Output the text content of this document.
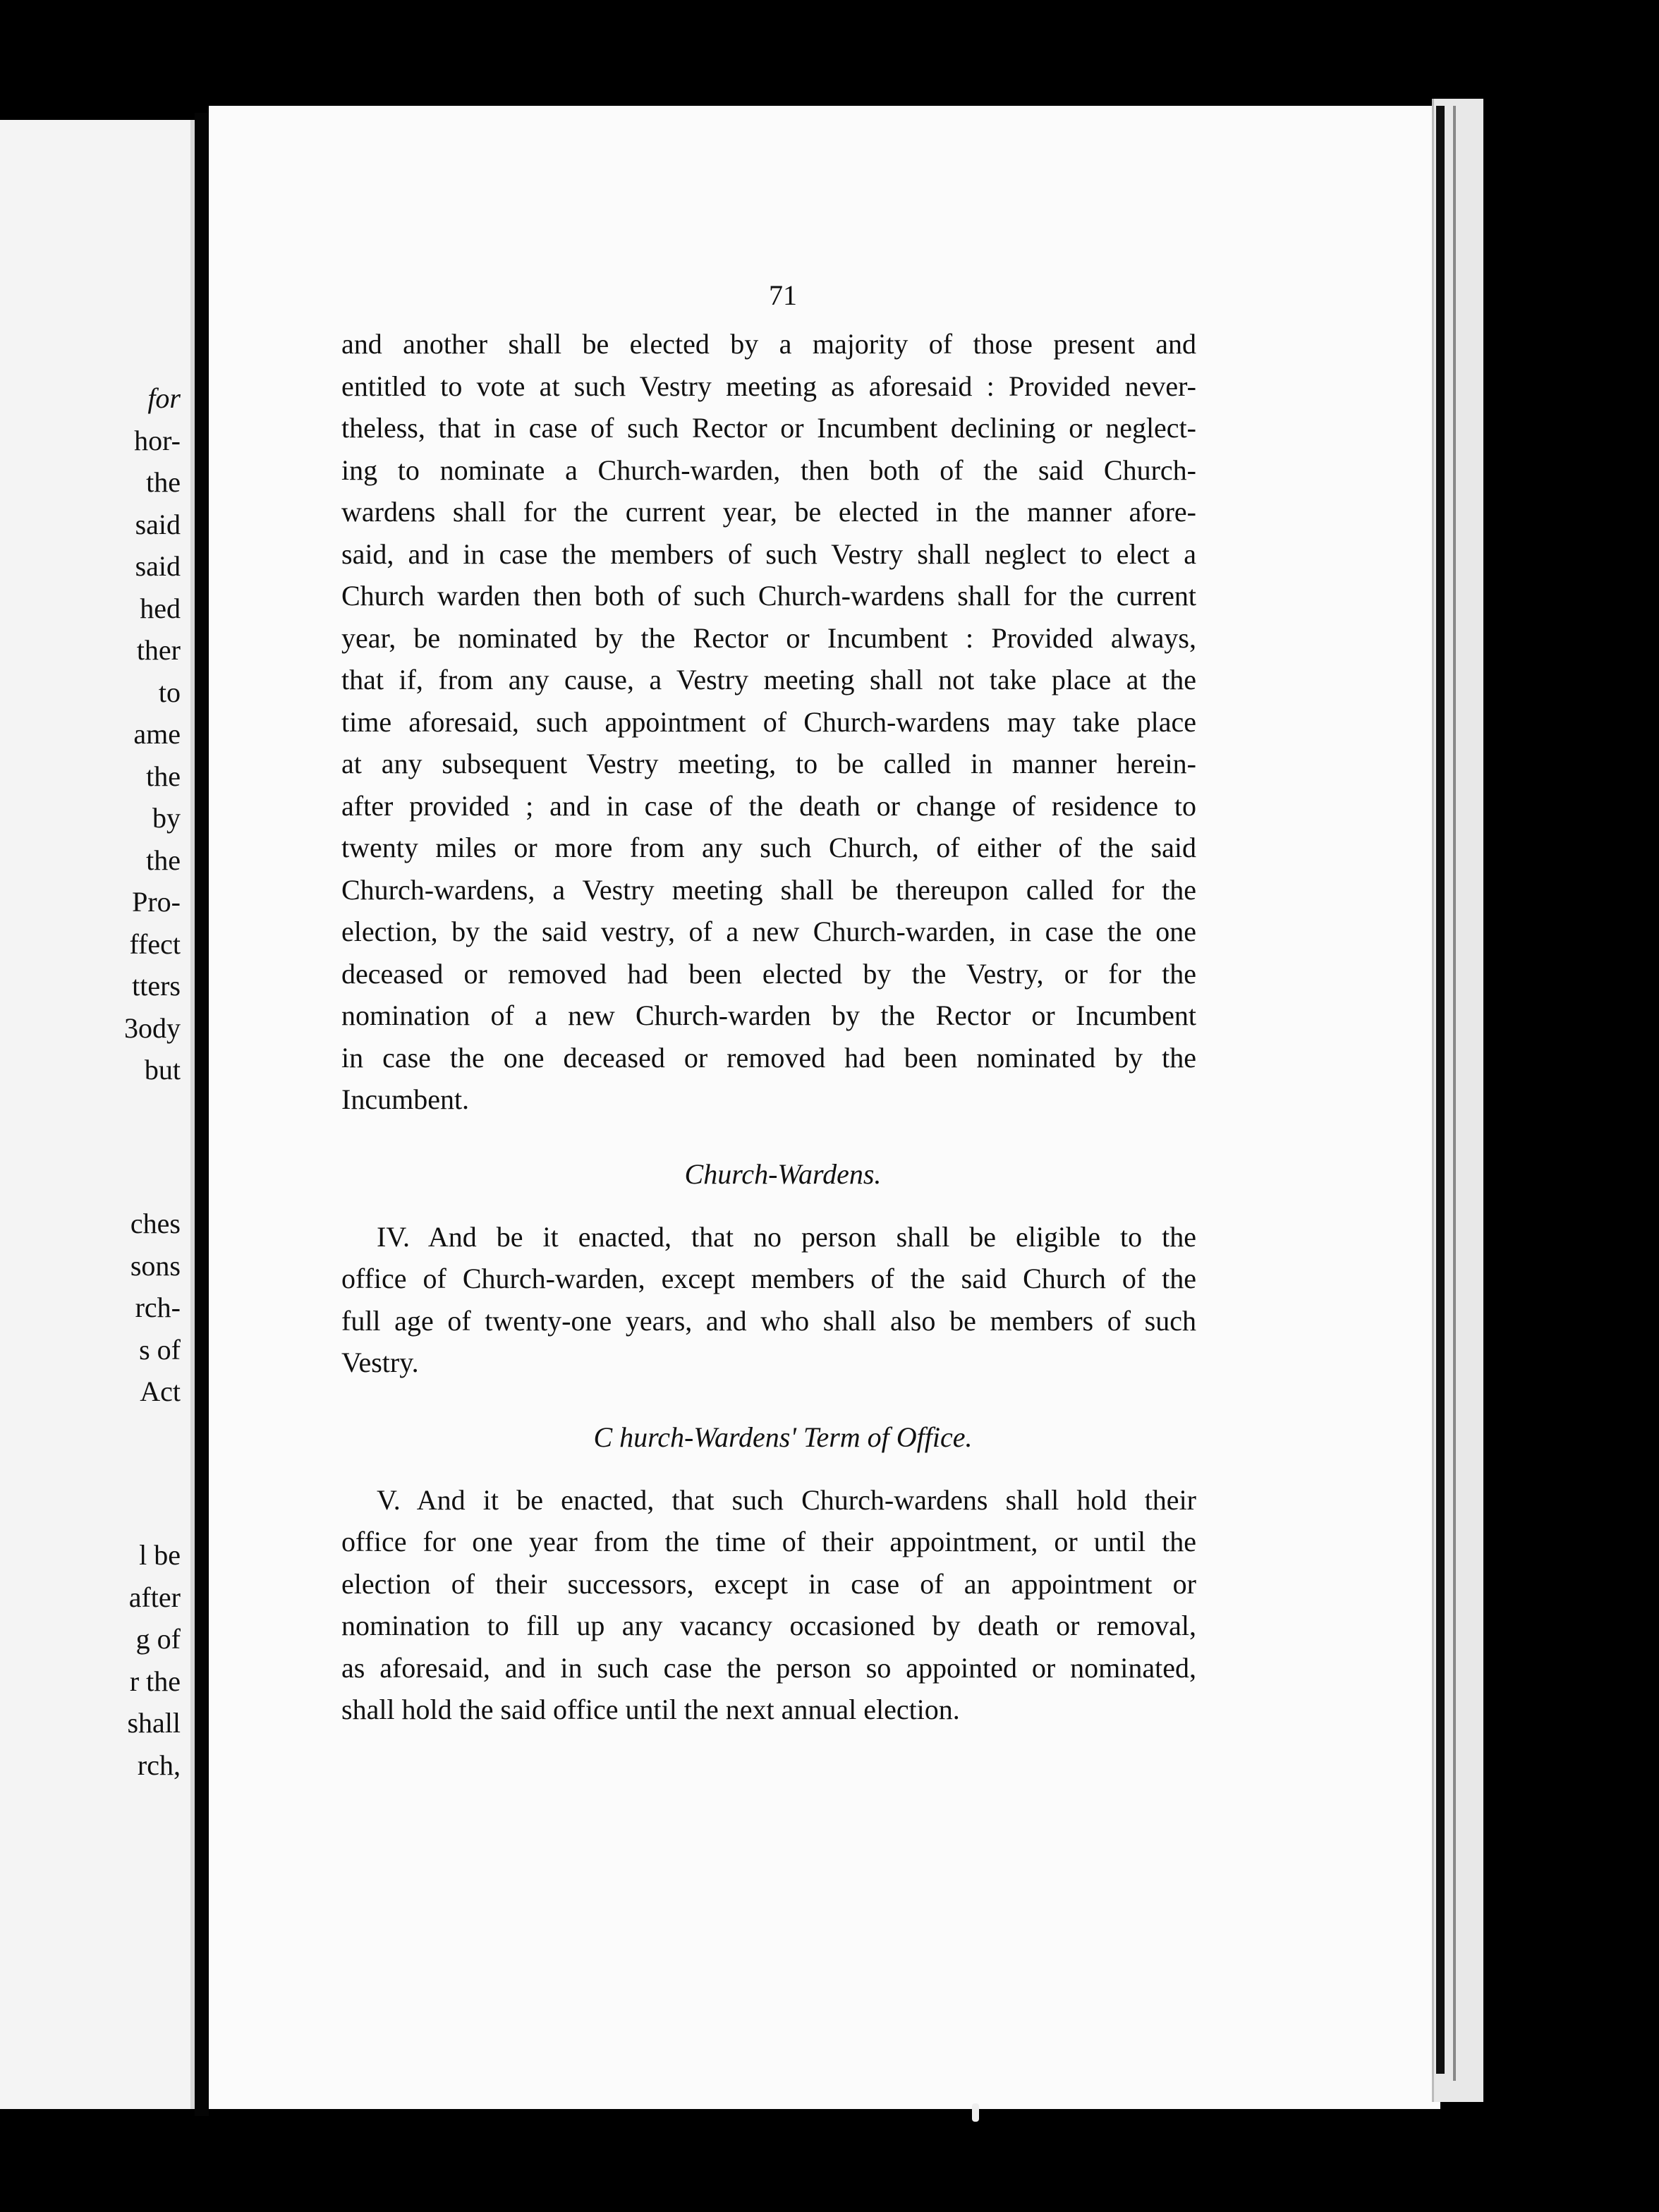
for
hor-
the
said
said
hed
ther
to
ame
the
by
the
Pro-
ffect
tters
3ody
but
ches
sons
rch-
s of
Act
l be
after
g of
r the
shall
rch,
71

and another shall be elected by a majority of those present and
entitled to vote at such Vestry meeting as aforesaid : Provided never-
theless, that in case of such Rector or Incumbent declining or neglect-
ing to nominate a Church-warden, then both of the said Church-
wardens shall for the current year, be elected in the manner afore-
said, and in case the members of such Vestry shall neglect to elect a
Church warden then both of such Church-wardens shall for the current
year, be nominated by the Rector or Incumbent : Provided always,
that if, from any cause, a Vestry meeting shall not take place at the
time aforesaid, such appointment of Church-wardens may take place
at any subsequent Vestry meeting, to be called in manner herein-
after provided ; and in case of the death or change of residence to
twenty miles or more from any such Church, of either of the said
Church-wardens, a Vestry meeting shall be thereupon called for the
election, by the said vestry, of a new Church-warden, in case the one
deceased or removed had been elected by the Vestry, or for the
nomination of a new Church-warden by the Rector or Incumbent
in case the one deceased or removed had been nominated by the
Incumbent.

Church-Wardens.

IV. And be it enacted, that no person shall be eligible to the
office of Church-warden, except members of the said Church of the
full age of twenty-one years, and who shall also be members of such
Vestry.

C hurch-Wardens' Term of Office.

V. And it be enacted, that such Church-wardens shall hold their
office for one year from the time of their appointment, or until the
election of their successors, except in case of an appointment or
nomination to fill up any vacancy occasioned by death or removal,
as aforesaid, and in such case the person so appointed or nominated,
shall hold the said office until the next annual election.
